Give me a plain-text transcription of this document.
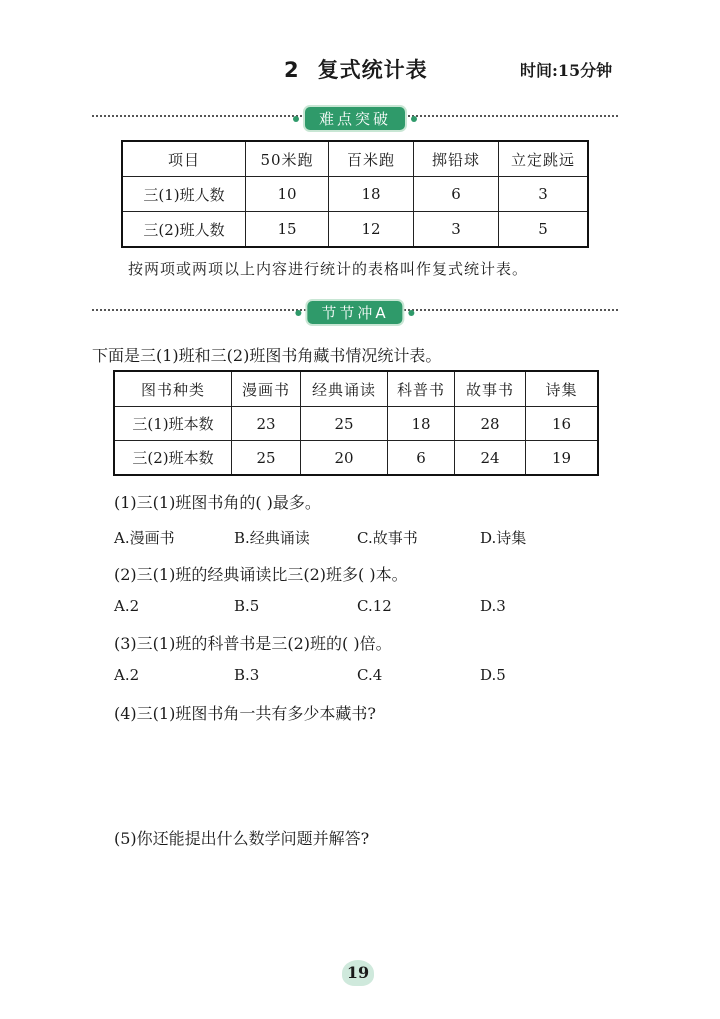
2 复式统计表	时间:15分钟
难点突破
项目	50米跑	百米跑	掷铅球	立定跳远
三(1)班人数	10	18	6	3
三(2)班人数	15	12	3	5
按两项或两项以上内容进行统计的表格叫作复式统计表。
节节冲A
下面是三(1)班和三(2)班图书角藏书情况统计表。
图书种类	漫画书	经典诵读	科普书	故事书	诗集
三(1)班本数	23	25	18	28	16
三(2)班本数	25	20	6	24	19
(1)三(1)班图书角的( )最多。
A.漫画书	B.经典诵读	C.故事书	D.诗集
(2)三(1)班的经典诵读比三(2)班多( )本。
A.2	B.5	C.12	D.3
(3)三(1)班的科普书是三(2)班的( )倍。
A.2	B.3	C.4	D.5
(4)三(1)班图书角一共有多少本藏书?
(5)你还能提出什么数学问题并解答?
19
